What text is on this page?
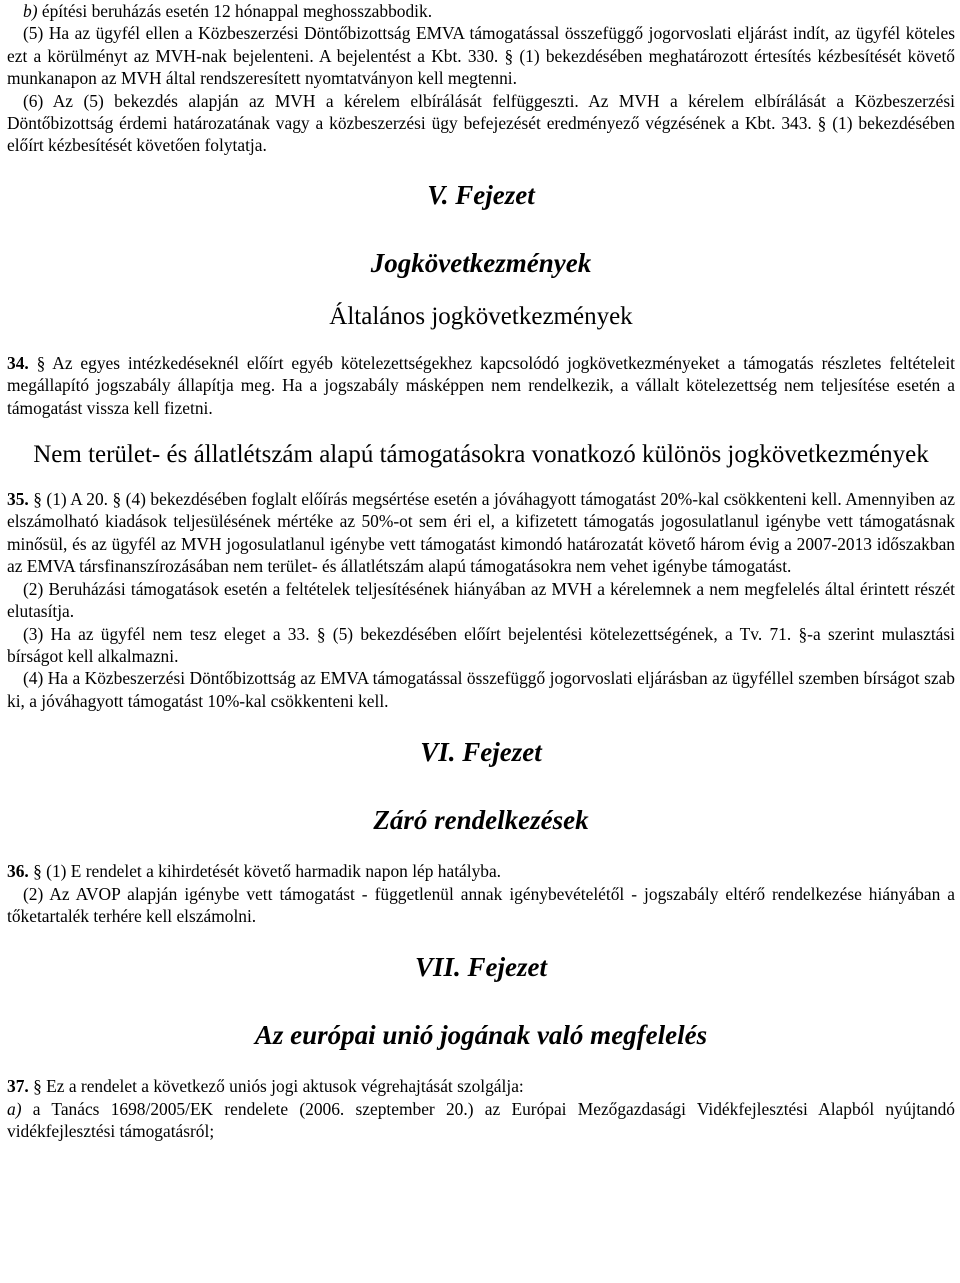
b) építési beruházás esetén 12 hónappal meghosszabbodik.

(5) Ha az ügyfél ellen a Közbeszerzési Döntőbizottság EMVA támogatással összefüggő jogorvoslati eljárást indít, az ügyfél köteles ezt a körülményt az MVH-nak bejelenteni. A bejelentést a Kbt. 330. § (1) bekezdésében meghatározott értesítés kézbesítését követő munkanapon az MVH által rendszeresített nyomtatványon kell megtenni.

(6) Az (5) bekezdés alapján az MVH a kérelem elbírálását felfüggeszti. Az MVH a kérelem elbírálását a Közbeszerzési Döntőbizottság érdemi határozatának vagy a közbeszerzési ügy befejezését eredményező végzésének a Kbt. 343. § (1) bekezdésében előírt kézbesítését követően folytatja.

V. Fejezet
Jogkövetkezmények
Általános jogkövetkezmények

34. § Az egyes intézkedéseknél előírt egyéb kötelezettségekhez kapcsolódó jogkövetkezményeket a támogatás részletes feltételeit megállapító jogszabály állapítja meg. Ha a jogszabály másképpen nem rendelkezik, a vállalt kötelezettség nem teljesítése esetén a támogatást vissza kell fizetni.

Nem terület- és állatlétszám alapú támogatásokra vonatkozó különös jogkövetkezmények

35. § (1) A 20. § (4) bekezdésében foglalt előírás megsértése esetén a jóváhagyott támogatást 20%-kal csökkenteni kell. Amennyiben az elszámolható kiadások teljesülésének mértéke az 50%-ot sem éri el, a kifizetett támogatás jogosulatlanul igénybe vett támogatásnak minősül, és az ügyfél az MVH jogosulatlanul igénybe vett támogatást kimondó határozatát követő három évig a 2007-2013 időszakban az EMVA társfinanszírozásában nem terület- és állatlétszám alapú támogatásokra nem vehet igénybe támogatást.

(2) Beruházási támogatások esetén a feltételek teljesítésének hiányában az MVH a kérelemnek a nem megfelelés által érintett részét elutasítja.

(3) Ha az ügyfél nem tesz eleget a 33. § (5) bekezdésében előírt bejelentési kötelezettségének, a Tv. 71. §-a szerint mulasztási bírságot kell alkalmazni.

(4) Ha a Közbeszerzési Döntőbizottság az EMVA támogatással összefüggő jogorvoslati eljárásban az ügyféllel szemben bírságot szab ki, a jóváhagyott támogatást 10%-kal csökkenteni kell.

VI. Fejezet
Záró rendelkezések

36. § (1) E rendelet a kihirdetését követő harmadik napon lép hatályba.

(2) Az AVOP alapján igénybe vett támogatást - függetlenül annak igénybevételétől - jogszabály eltérő rendelkezése hiányában a tőketartalék terhére kell elszámolni.

VII. Fejezet
Az európai unió jogának való megfelelés

37. § Ez a rendelet a következő uniós jogi aktusok végrehajtását szolgálja:

a) a Tanács 1698/2005/EK rendelete (2006. szeptember 20.) az Európai Mezőgazdasági Vidékfejlesztési Alapból nyújtandó vidékfejlesztési támogatásról;
